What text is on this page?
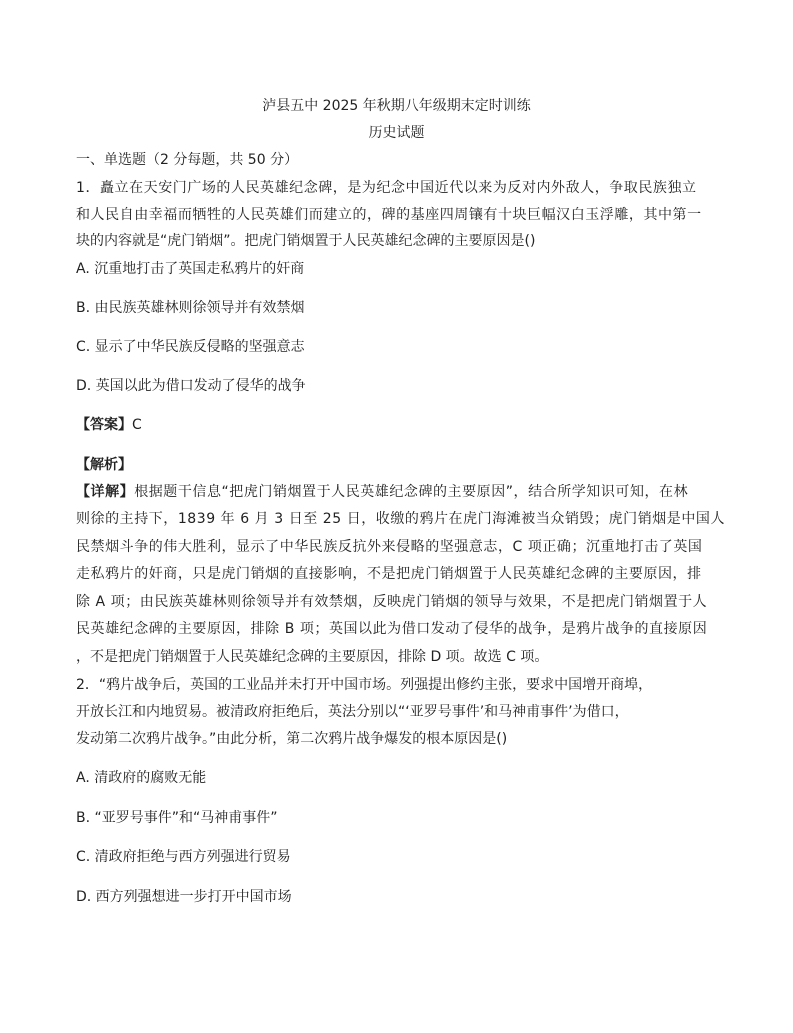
泸县五中 2025 年秋期八年级期末定时训练
历史试题
一、单选题（2 分每题，共 50 分）
1．矗立在天安门广场的人民英雄纪念碑，是为纪念中国近代以来为反对内外敌人，争取民族独立
和人民自由幸福而牺牲的人民英雄们而建立的，碑的基座四周镶有十块巨幅汉白玉浮雕，其中第一
块的内容就是“虎门销烟”。把虎门销烟置于人民英雄纪念碑的主要原因是()
A. 沉重地打击了英国走私鸦片的奸商
B. 由民族英雄林则徐领导并有效禁烟
C. 显示了中华民族反侵略的坚强意志
D. 英国以此为借口发动了侵华的战争
【答案】C
【解析】
【详解】根据题干信息“把虎门销烟置于人民英雄纪念碑的主要原因”，结合所学知识可知，在林
则徐的主持下，1839 年 6 月 3 日至 25 日，收缴的鸦片在虎门海滩被当众销毁；虎门销烟是中国人
民禁烟斗争的伟大胜利，显示了中华民族反抗外来侵略的坚强意志，C 项正确；沉重地打击了英国
走私鸦片的奸商，只是虎门销烟的直接影响，不是把虎门销烟置于人民英雄纪念碑的主要原因，排
除 A 项；由民族英雄林则徐领导并有效禁烟，反映虎门销烟的领导与效果，不是把虎门销烟置于人
民英雄纪念碑的主要原因，排除 B 项；英国以此为借口发动了侵华的战争，是鸦片战争的直接原因
，不是把虎门销烟置于人民英雄纪念碑的主要原因，排除 D 项。故选 C 项。
2．“鸦片战争后，英国的工业品并未打开中国市场。列强提出修约主张，要求中国增开商埠，
开放长江和内地贸易。被清政府拒绝后，英法分别以“‘亚罗号事件’和马神甫事件’为借口，
发动第二次鸦片战争。”由此分析，第二次鸦片战争爆发的根本原因是()
A. 清政府的腐败无能
B. “亚罗号事件”和“马神甫事件”
C. 清政府拒绝与西方列强进行贸易
D. 西方列强想进一步打开中国市场
